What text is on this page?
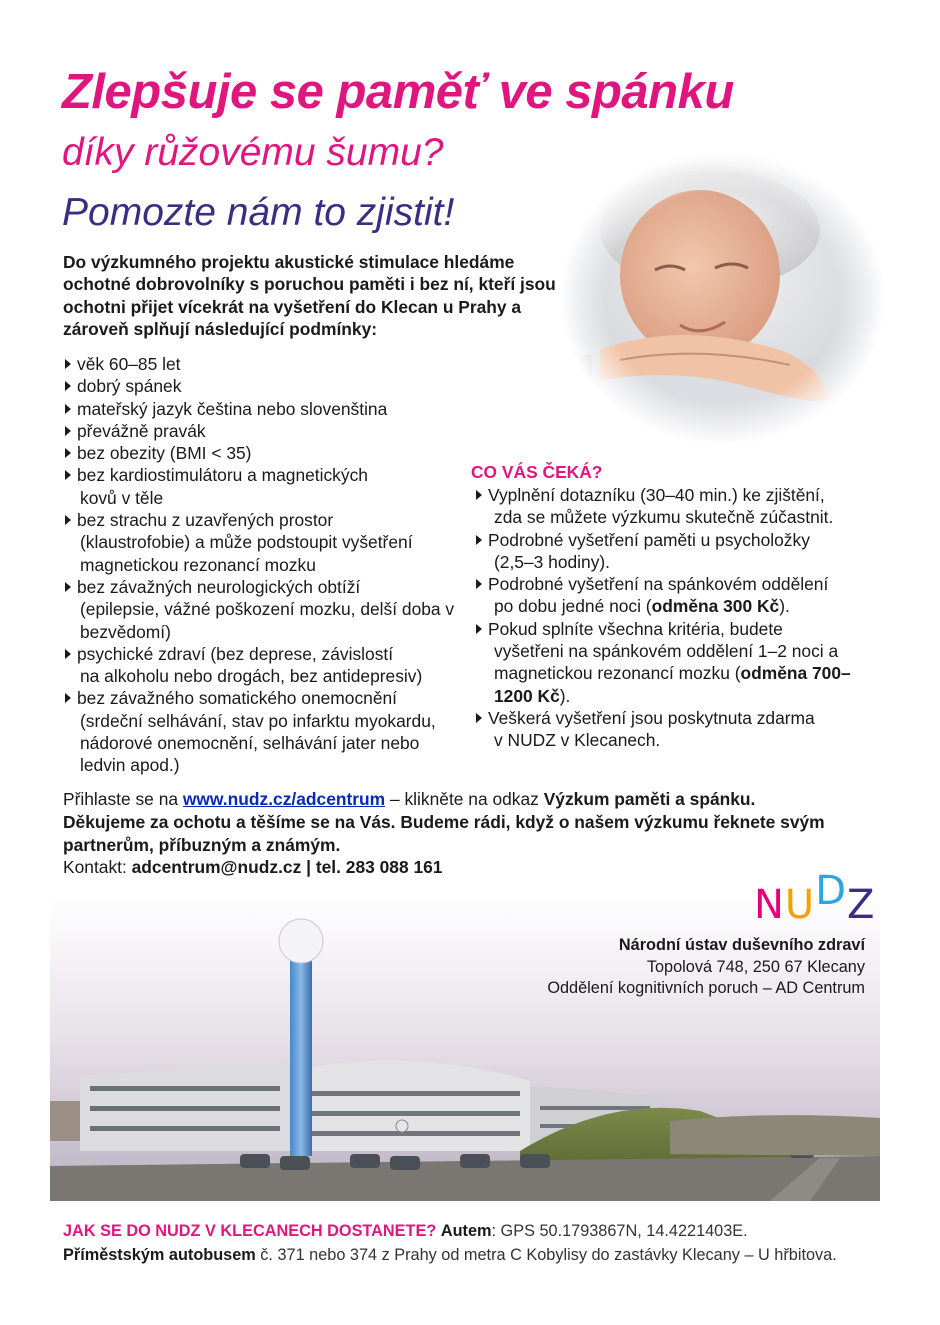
Zlepšuje se paměť ve spánku
díky růžovému šumu?
Pomozte nám to zjistit!
Do výzkumného projektu akustické stimulace hledáme ochotné dobrovolníky s poruchou paměti i bez ní, kteří jsou ochotni přijet vícekrát na vyšetření do Klecan u Prahy a zároveň splňují následující podmínky:
věk 60–85 let
dobrý spánek
mateřský jazyk čeština nebo slovenština
převážně pravák
bez obezity (BMI < 35)
bez kardiostimulátoru a magnetických
kovů v těle
bez strachu z uzavřených prostor
(klaustrofobie) a může podstoupit vyšetření magnetickou rezonancí mozku
bez závažných neurologických obtíží
(epilepsie, vážné poškození mozku, delší doba v bezvědomí)
psychické zdraví (bez deprese, závislostí
na alkoholu nebo drogách, bez antidepresiv)
bez závažného somatického onemocnění
(srdeční selhávání, stav po infarktu myokardu, nádorové onemocnění, selhávání jater nebo ledvin apod.)
CO VÁS ČEKÁ?
Vyplnění dotazníku (30–40 min.) ke zjištění,
zda se můžete výzkumu skutečně zúčastnit.
Podrobné vyšetření paměti u psycholožky
(2,5–3 hodiny).
Podrobné vyšetření na spánkovém oddělení
po dobu jedné noci (odměna 300 Kč).
Pokud splníte všechna kritéria, budete
vyšetřeni na spánkovém oddělení 1–2 noci a magnetickou rezonancí mozku (odměna 700–1200 Kč).
Veškerá vyšetření jsou poskytnuta zdarma
v NUDZ v Klecanech.
Přihlaste se na www.nudz.cz/adcentrum – klikněte na odkaz Výzkum paměti a spánku.
Děkujeme za ochotu a těšíme se na Vás. Budeme rádi, když o našem výzkumu řeknete svým partnerům, příbuzným a známým.
Kontakt: adcentrum@nudz.cz | tel. 283 088 161
NUDZ
Národní ústav duševního zdraví
Topolová 748, 250 67 Klecany
Oddělení kognitivních poruch – AD Centrum
JAK SE DO NUDZ V KLECANECH DOSTANETE? Autem: GPS 50.1793867N, 14.4221403E.
Příměstským autobusem č. 371 nebo 374 z Prahy od metra C Kobylisy do zastávky Klecany – U hřbitova.
